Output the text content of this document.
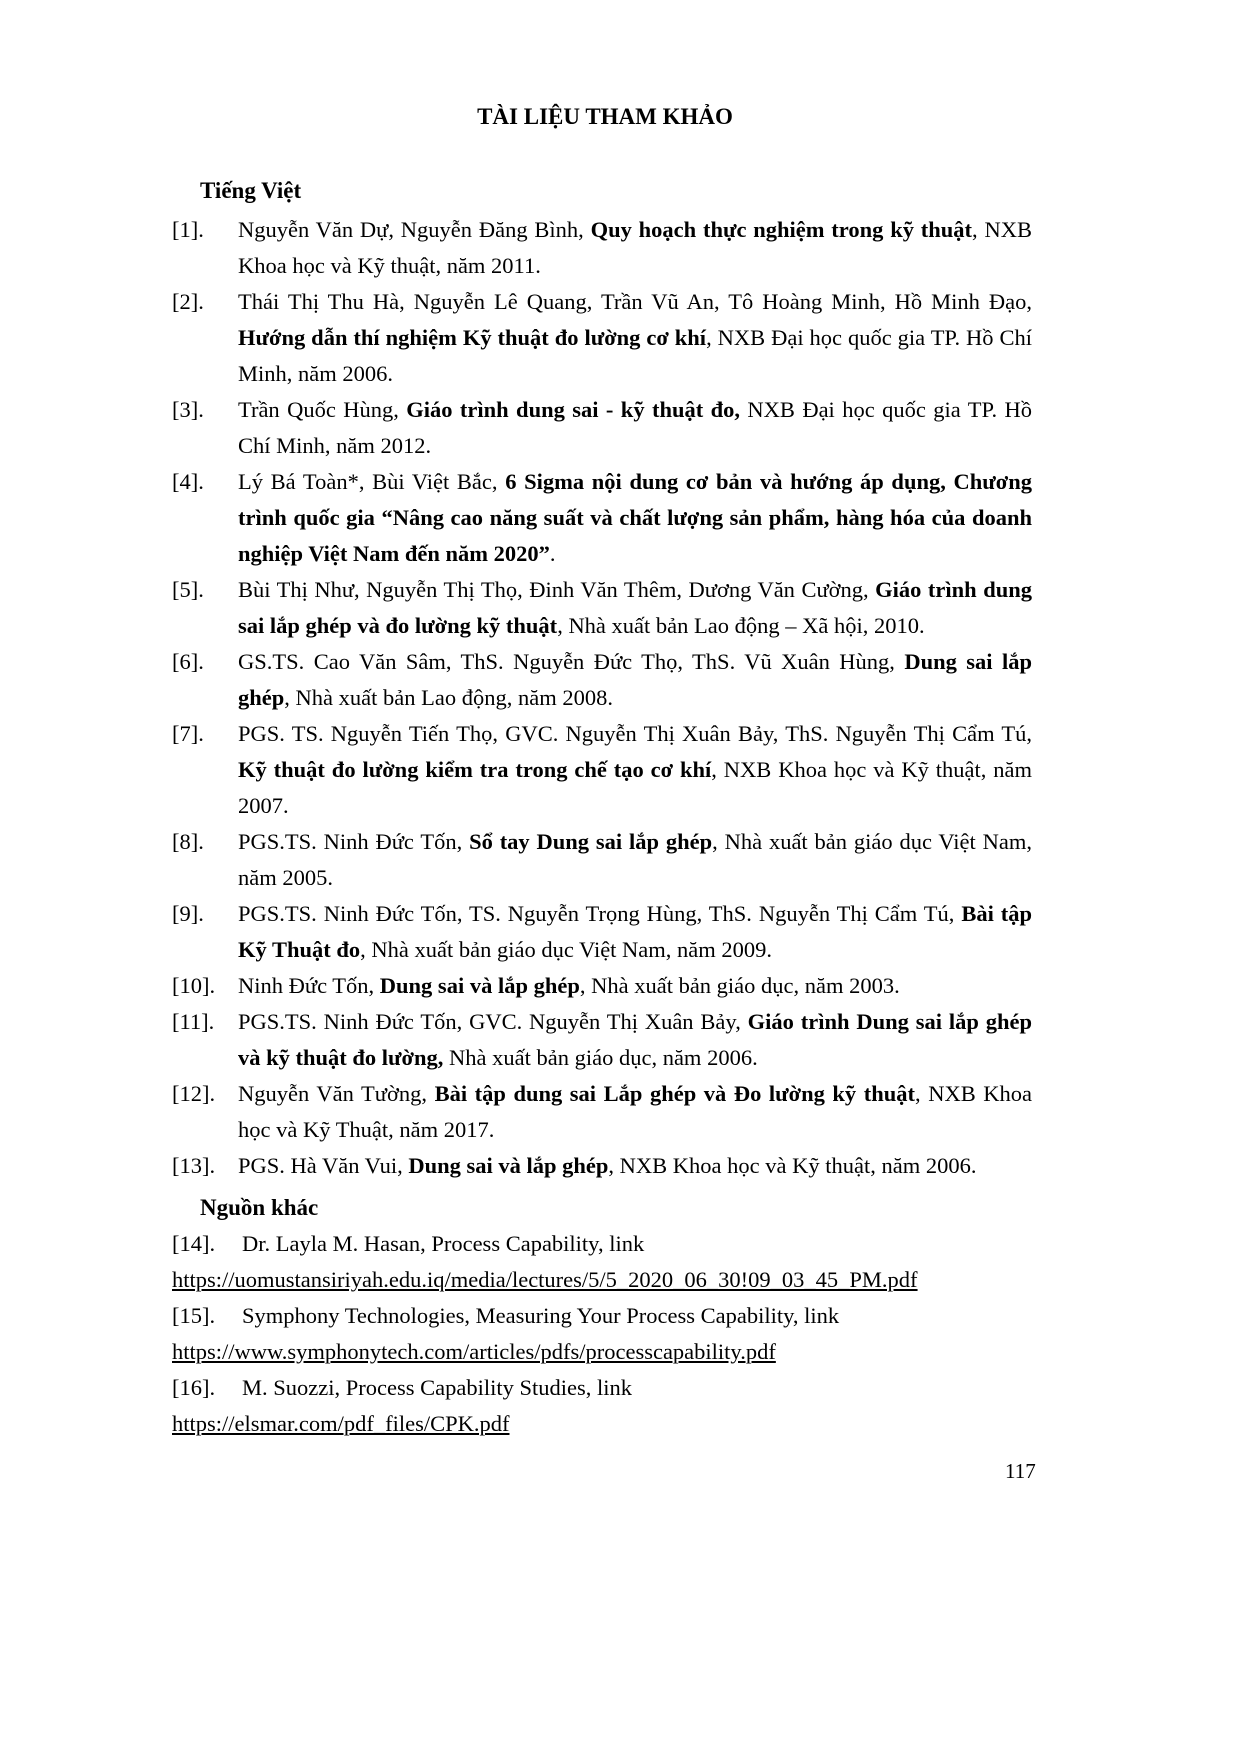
TÀI LIỆU THAM KHẢO
Tiếng Việt
[1].	Nguyễn Văn Dự, Nguyễn Đăng Bình, Quy hoạch thực nghiệm trong kỹ thuật, NXB Khoa học và Kỹ thuật, năm 2011.
[2].	Thái Thị Thu Hà, Nguyễn Lê Quang, Trần Vũ An, Tô Hoàng Minh, Hồ Minh Đạo, Hướng dẫn thí nghiệm Kỹ thuật đo lường cơ khí, NXB Đại học quốc gia TP. Hồ Chí Minh, năm 2006.
[3].	Trần Quốc Hùng, Giáo trình dung sai - kỹ thuật đo, NXB Đại học quốc gia TP. Hồ Chí Minh, năm 2012.
[4].	Lý Bá Toàn*, Bùi Việt Bắc, 6 Sigma nội dung cơ bản và hướng áp dụng, Chương trình quốc gia “Nâng cao năng suất và chất lượng sản phẩm, hàng hóa của doanh nghiệp Việt Nam đến năm 2020”.
[5].	Bùi Thị Như, Nguyễn Thị Thọ, Đinh Văn Thêm, Dương Văn Cường, Giáo trình dung sai lắp ghép và đo lường kỹ thuật, Nhà xuất bản Lao động – Xã hội, 2010.
[6].	GS.TS. Cao Văn Sâm, ThS. Nguyễn Đức Thọ, ThS. Vũ Xuân Hùng, Dung sai lắp ghép, Nhà xuất bản Lao động, năm 2008.
[7].	PGS. TS. Nguyễn Tiến Thọ, GVC. Nguyễn Thị Xuân Bảy, ThS. Nguyễn Thị Cẩm Tú, Kỹ thuật đo lường kiểm tra trong chế tạo cơ khí, NXB Khoa học và Kỹ thuật, năm 2007.
[8].	PGS.TS. Ninh Đức Tốn, Sổ tay Dung sai lắp ghép, Nhà xuất bản giáo dục Việt Nam, năm 2005.
[9].	PGS.TS. Ninh Đức Tốn, TS. Nguyễn Trọng Hùng, ThS. Nguyễn Thị Cẩm Tú, Bài tập Kỹ Thuật đo, Nhà xuất bản giáo dục Việt Nam, năm 2009.
[10].	Ninh Đức Tốn, Dung sai và lắp ghép, Nhà xuất bản giáo dục, năm 2003.
[11].	PGS.TS. Ninh Đức Tốn, GVC. Nguyễn Thị Xuân Bảy, Giáo trình Dung sai lắp ghép và kỹ thuật đo lường, Nhà xuất bản giáo dục, năm 2006.
[12].	Nguyễn Văn Tường, Bài tập dung sai Lắp ghép và Đo lường kỹ thuật, NXB Khoa học và Kỹ Thuật, năm 2017.
[13].	PGS. Hà Văn Vui, Dung sai và lắp ghép, NXB Khoa học và Kỹ thuật, năm 2006.
Nguồn khác
[14]. Dr. Layla M. Hasan, Process Capability, link
https://uomustansiriyah.edu.iq/media/lectures/5/5_2020_06_30!09_03_45_PM.pdf
[15]. Symphony Technologies, Measuring Your Process Capability, link
https://www.symphonytech.com/articles/pdfs/processcapability.pdf
[16]. M. Suozzi, Process Capability Studies, link
https://elsmar.com/pdf_files/CPK.pdf
117
